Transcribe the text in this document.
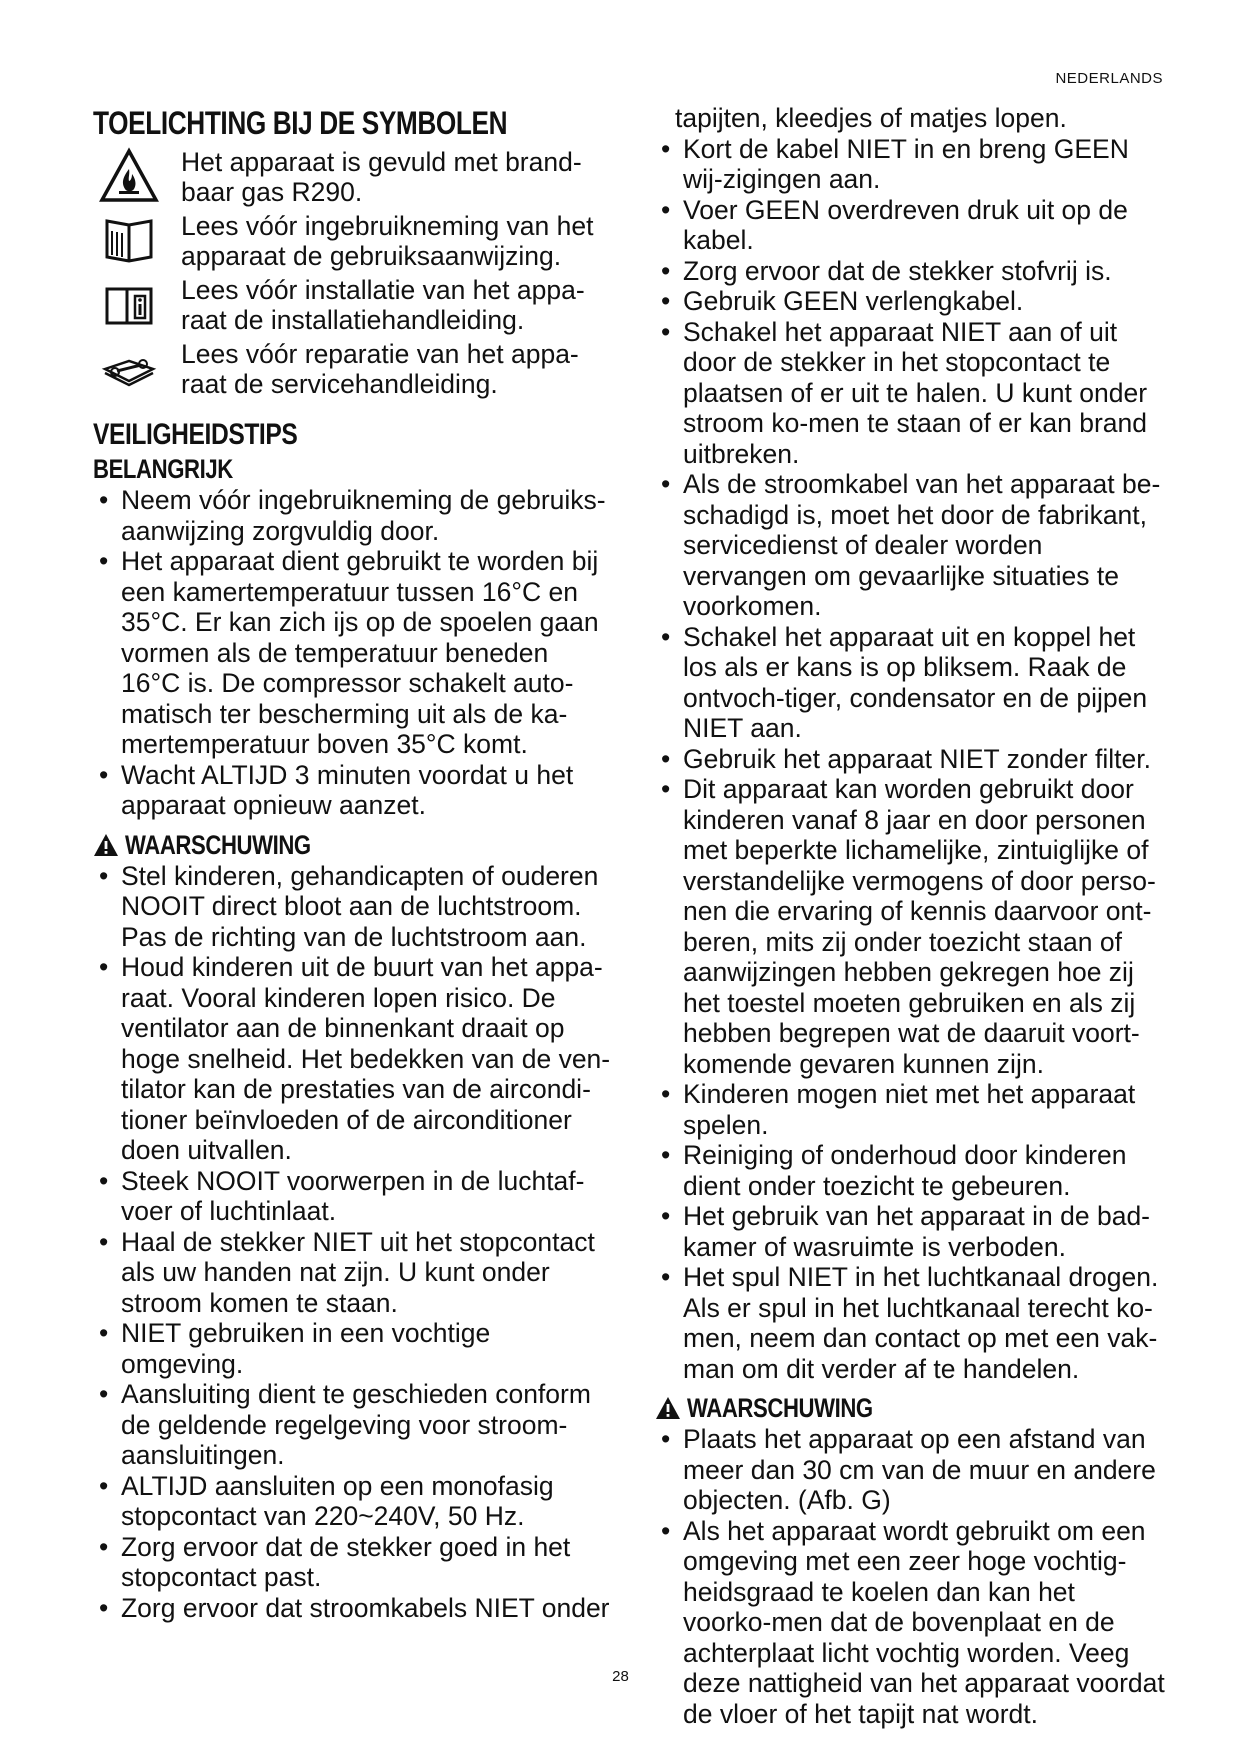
NEDERLANDS
TOELICHTING BIJ DE SYMBOLEN
Het apparaat is gevuld met brand-baar gas R290.
Lees vóór ingebruikneming van het apparaat de gebruiksaanwijzing.
Lees vóór installatie van het appa-raat de installatiehandleiding.
Lees vóór reparatie van het appa-raat de servicehandleiding.
VEILIGHEIDSTIPS
BELANGRIJK
• Neem vóór ingebruikneming de gebruiks-aanwijzing zorgvuldig door.
• Het apparaat dient gebruikt te worden bij een kamertemperatuur tussen 16°C en 35°C. Er kan zich ijs op de spoelen gaan vormen als de temperatuur beneden 16°C is. De compressor schakelt auto-matisch ter bescherming uit als de ka-mertemperatuur boven 35°C komt.
• Wacht ALTIJD 3 minuten voordat u het apparaat opnieuw aanzet.
WAARSCHUWING
• Stel kinderen, gehandicapten of ouderen NOOIT direct bloot aan de luchtstroom. Pas de richting van de luchtstroom aan.
• Houd kinderen uit de buurt van het appa-raat. Vooral kinderen lopen risico. De ventilator aan de binnenkant draait op hoge snelheid. Het bedekken van de ven-tilator kan de prestaties van de aircondi-tioner beïnvloeden of de airconditioner doen uitvallen.
• Steek NOOIT voorwerpen in de luchtaf-voer of luchtinlaat.
• Haal de stekker NIET uit het stopcontact als uw handen nat zijn. U kunt onder stroom komen te staan.
• NIET gebruiken in een vochtige omgeving.
• Aansluiting dient te geschieden conform de geldende regelgeving voor stroom-aansluitingen.
• ALTIJD aansluiten op een monofasig stopcontact van 220~240V, 50 Hz.
• Zorg ervoor dat de stekker goed in het stopcontact past.
• Zorg ervoor dat stroomkabels NIET onder
tapijten, kleedjes of matjes lopen.
• Kort de kabel NIET in en breng GEEN wij-zigingen aan.
• Voer GEEN overdreven druk uit op de kabel.
• Zorg ervoor dat de stekker stofvrij is.
• Gebruik GEEN verlengkabel.
• Schakel het apparaat NIET aan of uit door de stekker in het stopcontact te plaatsen of er uit te halen. U kunt onder stroom ko-men te staan of er kan brand uitbreken.
• Als de stroomkabel van het apparaat be-schadigd is, moet het door de fabrikant, servicedienst of dealer worden vervangen om gevaarlijke situaties te voorkomen.
• Schakel het apparaat uit en koppel het los als er kans is op bliksem. Raak de ontvoch-tiger, condensator en de pijpen NIET aan.
• Gebruik het apparaat NIET zonder filter.
• Dit apparaat kan worden gebruikt door kinderen vanaf 8 jaar en door personen met beperkte lichamelijke, zintuiglijke of verstandelijke vermogens of door perso-nen die ervaring of kennis daarvoor ont-beren, mits zij onder toezicht staan of aanwijzingen hebben gekregen hoe zij het toestel moeten gebruiken en als zij hebben begrepen wat de daaruit voort-komende gevaren kunnen zijn.
• Kinderen mogen niet met het apparaat spelen.
• Reiniging of onderhoud door kinderen dient onder toezicht te gebeuren.
• Het gebruik van het apparaat in de bad-kamer of wasruimte is verboden.
• Het spul NIET in het luchtkanaal drogen. Als er spul in het luchtkanaal terecht ko-men, neem dan contact op met een vak-man om dit verder af te handelen.
WAARSCHUWING
• Plaats het apparaat op een afstand van meer dan 30 cm van de muur en andere objecten. (Afb. G)
• Als het apparaat wordt gebruikt om een omgeving met een zeer hoge vochtig-heidsgraad te koelen dan kan het voorko-men dat de bovenplaat en de achterplaat licht vochtig worden. Veeg deze nattigheid van het apparaat voordat de vloer of het tapijt nat wordt.
28
